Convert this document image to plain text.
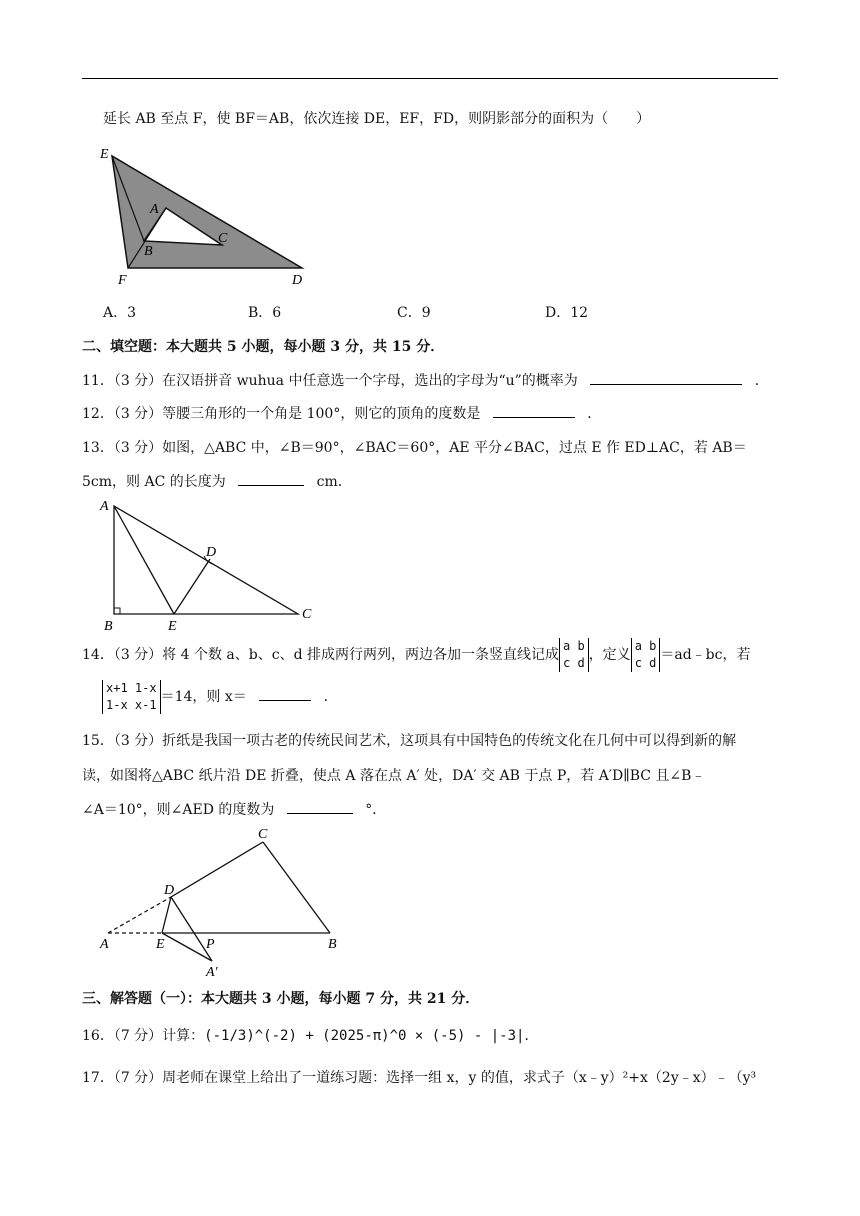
延长 AB 至点 F，使 BF＝AB，依次连接 DE，EF，FD，则阴影部分的面积为（　　）
E
A
C
B
F	D
A．3	B．6	C．9	D．12
二、填空题：本大题共 5 小题，每小题 3 分，共 15 分．
11．（3 分）在汉语拼音 wuhua 中任意选一个字母，选出的字母为“u”的概率为	．
12．（3 分）等腰三角形的一个角是 100°，则它的顶角的度数是	．
13．（3 分）如图，△ABC 中，∠B＝90°，∠BAC＝60°，AE 平分∠BAC，过点 E 作 ED⊥AC，若 AB＝
5cm，则 AC 的长度为	cm．
A
D
B	E
C
14．（3 分）将 4 个数 a、b、c、d 排成两行两列，两边各加一条竖直线记成
a b
c d ，定义
a b
c d ＝ad﹣bc，若
x+1 1-x
1-x x-1 ＝14，则 x＝	．
15．（3 分）折纸是我国一项古老的传统民间艺术，这项具有中国特色的传统文化在几何中可以得到新的解
读，如图将△ABC 纸片沿 DE 折叠，使点 A 落在点 A′ 处，DA′ 交 AB 于点 P，若 A′D∥BC 且∠B﹣
∠A＝10°，则∠AED 的度数为	°．
C
D
A	E	P	B
A′
三、解答题（一）：本大题共 3 小题，每小题 7 分，共 21 分．
16．（7 分）计算：(-1/3)^(-2) + (2025-π)^0 × (-5) - |-3|．
17．（7 分）周老师在课堂上给出了一道练习题：选择一组 x，y 的值，求式子（x﹣y）²+x（2y﹣x）﹣（y³
